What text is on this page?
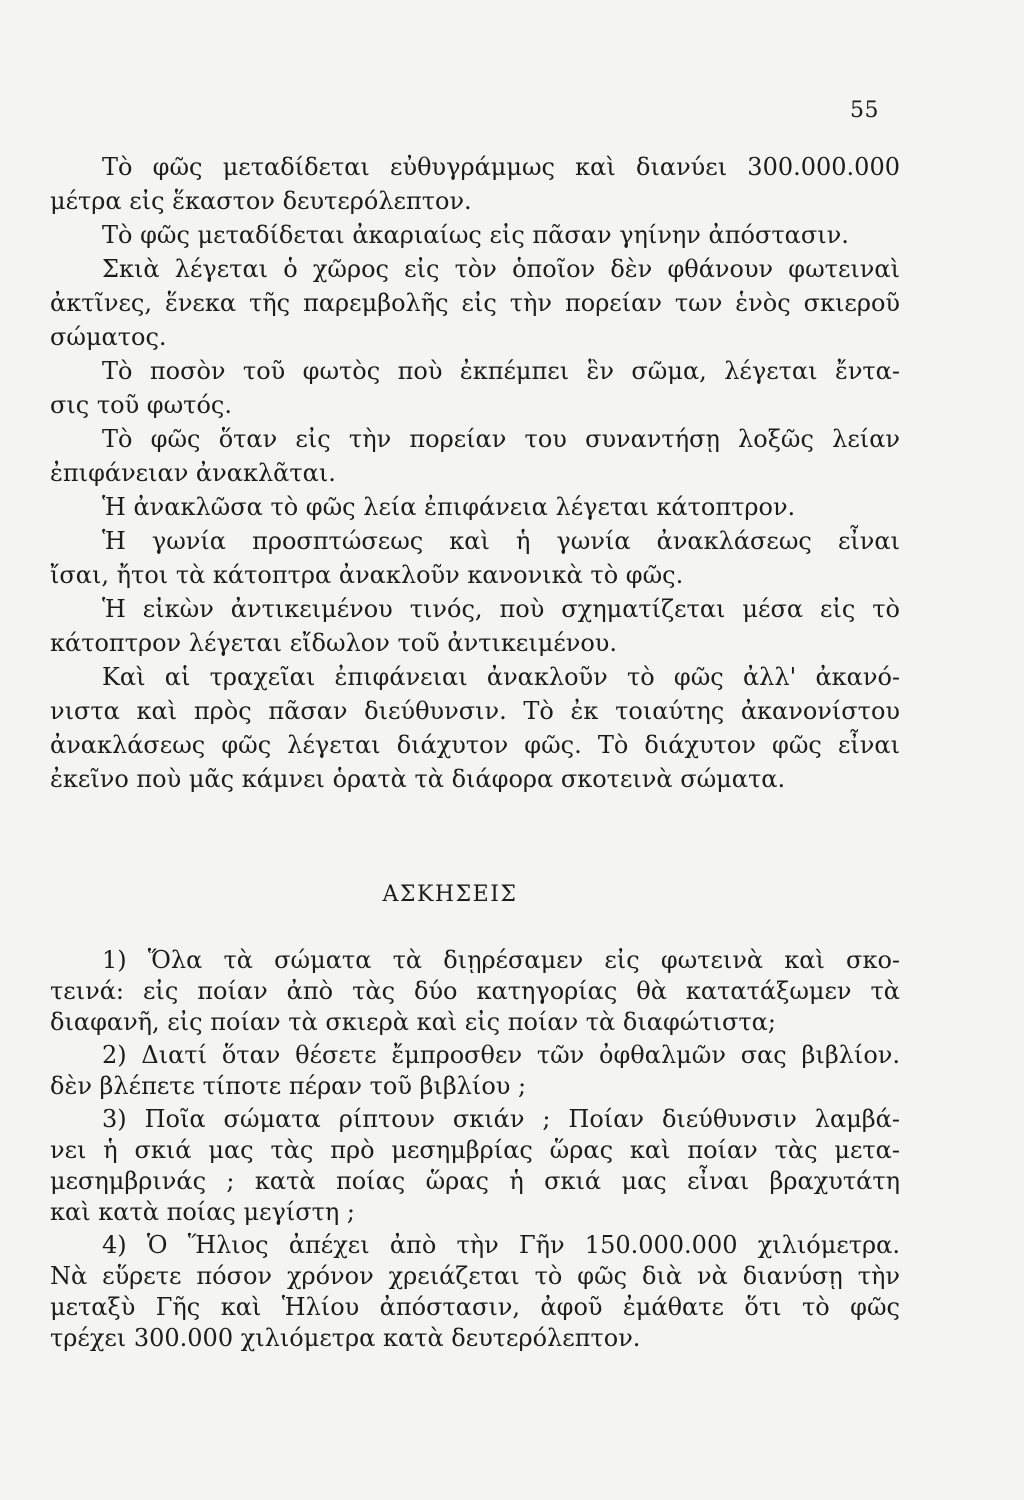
55
Τὸ φῶς μεταδίδεται εὐθυγράμμως καὶ διανύει 300.000.000
μέτρα εἰς ἕκαστον δευτερόλεπτον.
Τὸ φῶς μεταδίδεται ἀκαριαίως εἰς πᾶσαν γηίνην ἀπόστασιν.
Σκιὰ λέγεται ὁ χῶρος εἰς τὸν ὁποῖον δὲν φθάνουν φωτειναὶ
ἀκτῖνες, ἕνεκα τῆς παρεμβολῆς εἰς τὴν πορείαν των ἑνὸς σκιεροῦ
σώματος.
Τὸ ποσὸν τοῦ φωτὸς ποὺ ἐκπέμπει ἓν σῶμα, λέγεται ἔντα-
σις τοῦ φωτός.
Τὸ φῶς ὅταν εἰς τὴν πορείαν του συναντήσῃ λοξῶς λείαν
ἐπιφάνειαν ἀνακλᾶται.
Ἡ ἀνακλῶσα τὸ φῶς λεία ἐπιφάνεια λέγεται κάτοπτρον.
Ἡ γωνία προσπτώσεως καὶ ἡ γωνία ἀνακλάσεως εἶναι
ἴσαι, ἤτοι τὰ κάτοπτρα ἀνακλοῦν κανονικὰ τὸ φῶς.
Ἡ εἰκὼν ἀντικειμένου τινός, ποὺ σχηματίζεται μέσα εἰς τὸ
κάτοπτρον λέγεται εἴδωλον τοῦ ἀντικειμένου.
Καὶ αἱ τραχεῖαι ἐπιφάνειαι ἀνακλοῦν τὸ φῶς ἀλλ' ἀκανό-
νιστα καὶ πρὸς πᾶσαν διεύθυνσιν. Τὸ ἐκ τοιαύτης ἀκανονίστου
ἀνακλάσεως φῶς λέγεται διάχυτον φῶς. Τὸ διάχυτον φῶς εἶναι
ἐκεῖνο ποὺ μᾶς κάμνει ὁρατὰ τὰ διάφορα σκοτεινὰ σώματα.
ΑΣΚΗΣΕΙΣ
1) Ὅλα τὰ σώματα τὰ διῃρέσαμεν εἰς φωτεινὰ καὶ σκο-
τεινά: εἰς ποίαν ἀπὸ τὰς δύο κατηγορίας θὰ κατατάξωμεν τὰ
διαφανῆ, εἰς ποίαν τὰ σκιερὰ καὶ εἰς ποίαν τὰ διαφώτιστα;
2) Διατί ὅταν θέσετε ἔμπροσθεν τῶν ὀφθαλμῶν σας βιβλίον.
δὲν βλέπετε τίποτε πέραν τοῦ βιβλίου ;
3) Ποῖα σώματα ρίπτουν σκιάν ; Ποίαν διεύθυνσιν λαμβά-
νει ἡ σκιά μας τὰς πρὸ μεσημβρίας ὥρας καὶ ποίαν τὰς μετα-
μεσημβρινάς ; κατὰ ποίας ὥρας ἡ σκιά μας εἶναι βραχυτάτη
καὶ κατὰ ποίας μεγίστη ;
4) Ὁ Ἥλιος ἀπέχει ἀπὸ τὴν Γῆν 150.000.000 χιλιόμετρα.
Νὰ εὕρετε πόσον χρόνον χρειάζεται τὸ φῶς διὰ νὰ διανύσῃ τὴν
μεταξὺ Γῆς καὶ Ἡλίου ἀπόστασιν, ἀφοῦ ἐμάθατε ὅτι τὸ φῶς
τρέχει 300.000 χιλιόμετρα κατὰ δευτερόλεπτον.
